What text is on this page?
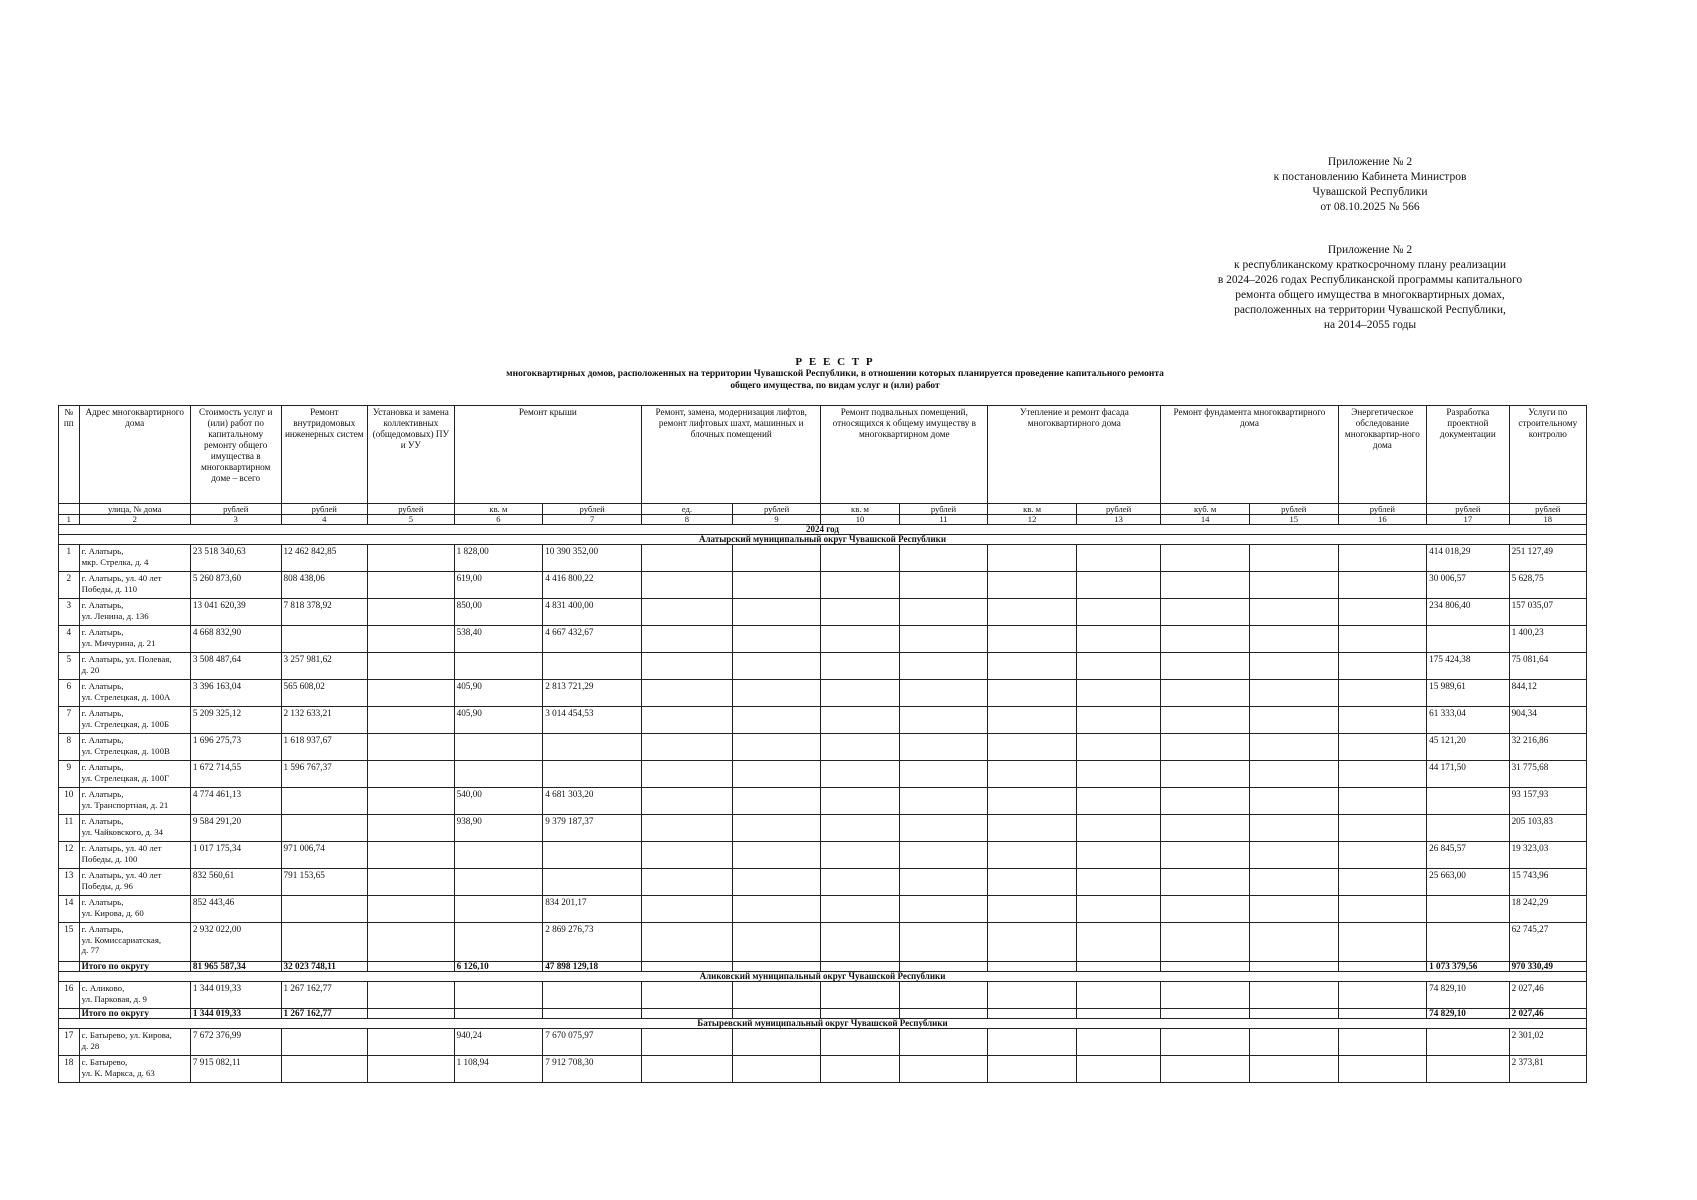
Приложение № 2
к постановлению Кабинета Министров
Чувашской Республики
от 08.10.2025 № 566
Приложение № 2
к республиканскому краткосрочному плану реализации
в 2024–2026 годах Республиканской программы капитального
ремонта общего имущества в многоквартирных домах,
расположенных на территории Чувашской Республики,
на 2014–2055 годы
Р Е Е С Т Р
многоквартирных домов, расположенных на территории Чувашской Республики, в отношении которых планируется проведение капитального ремонта
общего имущества, по видам услуг и (или) работ
№ пп	Адрес многоквартирного дома	Стоимость услуг и (или) работ по капитальному ремонту общего имущества в многоквартирном доме – всего	Ремонт внутридомовых инженерных систем	Установка и замена коллективных (общедомовых) ПУ и УУ	Ремонт крыши		Ремонт, замена, модернизация лифтов, ремонт лифтовых шахт, машинных и блочных помещений		Ремонт подвальных помещений, относящихся к общему имуществу в многоквартирном доме		Утепление и ремонт фасада многоквартирного дома		Ремонт фундамента многоквартирного дома		Энергетическое обследование многоквартир-ного дома	Разработка проектной документации	Услуги по строительному контролю
	улица, № дома	рублей	рублей	рублей	кв. м	рублей	ед.	рублей	кв. м	рублей	кв. м	рублей	куб. м	рублей	рублей	рублей	рублей
1	2	3	4	5	6	7	8	9	10	11	12	13	14	15	16	17	18
2024 год																	
Алатырский муниципальный округ Чувашской Республики																	
1	г. Алатырь,
мкр. Стрелка, д. 4	23 518 340,63	12 462 842,85		1 828,00	10 390 352,00										414 018,29	251 127,49
2	г. Алатырь, ул. 40 лет
Победы, д. 110	5 260 873,60	808 438,06		619,00	4 416 800,22										30 006,57	5 628,75
3	г. Алатырь,
ул. Ленина, д. 136	13 041 620,39	7 818 378,92		850,00	4 831 400,00										234 806,40	157 035,07
4	г. Алатырь,
ул. Мичурина, д. 21	4 668 832,90			538,40	4 667 432,67											1 400,23
5	г. Алатырь, ул. Полевая,
д. 20	3 508 487,64	3 257 981,62													175 424,38	75 081,64
6	г. Алатырь,
ул. Стрелецкая, д. 100А	3 396 163,04	565 608,02		405,90	2 813 721,29										15 989,61	844,12
7	г. Алатырь,
ул. Стрелецкая, д. 100Б	5 209 325,12	2 132 633,21		405,90	3 014 454,53										61 333,04	904,34
8	г. Алатырь,
ул. Стрелецкая, д. 100В	1 696 275,73	1 618 937,67													45 121,20	32 216,86
9	г. Алатырь,
ул. Стрелецкая, д. 100Г	1 672 714,55	1 596 767,37													44 171,50	31 775,68
10	г. Алатырь,
ул. Транспортная, д. 21	4 774 461,13			540,00	4 681 303,20											93 157,93
11	г. Алатырь,
ул. Чайковского, д. 34	9 584 291,20			938,90	9 379 187,37											205 103,83
12	г. Алатырь, ул. 40 лет
Победы, д. 100	1 017 175,34	971 006,74													26 845,57	19 323,03
13	г. Алатырь, ул. 40 лет
Победы, д. 96	832 560,61	791 153,65													25 663,00	15 743,96
14	г. Алатырь,
ул. Кирова, д. 60	852 443,46				834 201,17											18 242,29
15	г. Алатырь,
ул. Комиссариатская,
д. 77	2 932 022,00				2 869 276,73											62 745,27
	Итого по округу	81 965 587,34	32 023 748,11		6 126,10	47 898 129,18										1 073 379,56	970 330,49
Аликовский муниципальный округ Чувашской Республики																	
16	с. Аликово,
ул. Парковая, д. 9	1 344 019,33	1 267 162,77													74 829,10	2 027,46
	Итого по округу	1 344 019,33	1 267 162,77													74 829,10	2 027,46
Батыревский муниципальный округ Чувашской Республики																	
17	с. Батырево, ул. Кирова,
д. 28	7 672 376,99			940,24	7 670 075,97											2 301,02
18	с. Батырево,
ул. К. Маркса, д. 63	7 915 082,11			1 108,94	7 912 708,30											2 373,81
